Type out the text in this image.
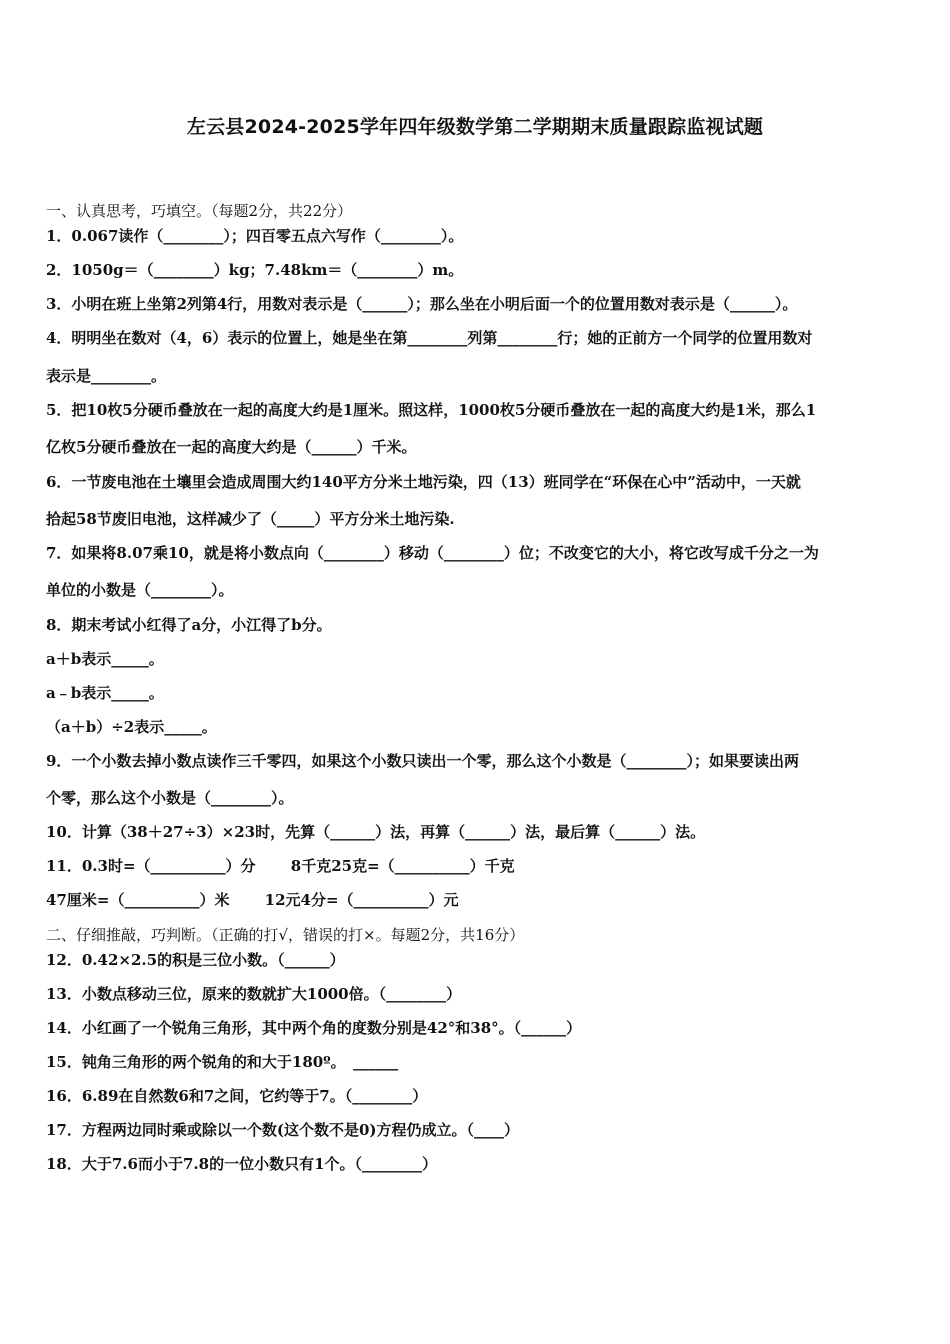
左云县2024-2025学年四年级数学第二学期期末质量跟踪监视试题
一、认真思考，巧填空。（每题2分，共22分）
1．0.067读作（________）；四百零五点六写作（________）。
2．1050g＝（________）kg；7.48km＝（________）m。
3．小明在班上坐第2列第4行，用数对表示是（______）；那么坐在小明后面一个的位置用数对表示是（______）。
4．明明坐在数对（4，6）表示的位置上，她是坐在第________列第________行；她的正前方一个同学的位置用数对
表示是________。
5．把10枚5分硬币叠放在一起的高度大约是1厘米。照这样，1000枚5分硬币叠放在一起的高度大约是1米，那么1
亿枚5分硬币叠放在一起的高度大约是（______）千米。
6．一节废电池在土壤里会造成周围大约140平方分米土地污染，四（13）班同学在“环保在心中”活动中，一天就
拾起58节废旧电池，这样减少了（_____）平方分米土地污染.
7．如果将8.07乘10，就是将小数点向（________）移动（________）位；不改变它的大小，将它改写成千分之一为
单位的小数是（________）。
8．期末考试小红得了a分，小江得了b分。
a＋b表示_____。
a﹣b表示_____。
（a＋b）÷2表示_____。
9．一个小数去掉小数点读作三千零四，如果这个小数只读出一个零，那么这个小数是（________）；如果要读出两
个零，那么这个小数是（________）。
10．计算（38＋27÷3）×23时，先算（______）法，再算（______）法，最后算（______）法。
11．0.3时=（__________）分　　 8千克25克=（__________）千克
47厘米=（__________）米　　 12元4分=（__________）元
二、仔细推敲，巧判断。（正确的打√，错误的打×。每题2分，共16分）
12．0.42×2.5的积是三位小数。（______）
13．小数点移动三位，原来的数就扩大1000倍。（________）
14．小红画了一个锐角三角形，其中两个角的度数分别是42°和38°。（______）
15．钝角三角形的两个锐角的和大于180º。　______
16．6.89在自然数6和7之间，它约等于7。（________）
17．方程两边同时乘或除以一个数(这个数不是0)方程仍成立。（____）
18．大于7.6而小于7.8的一位小数只有1个。（________）
